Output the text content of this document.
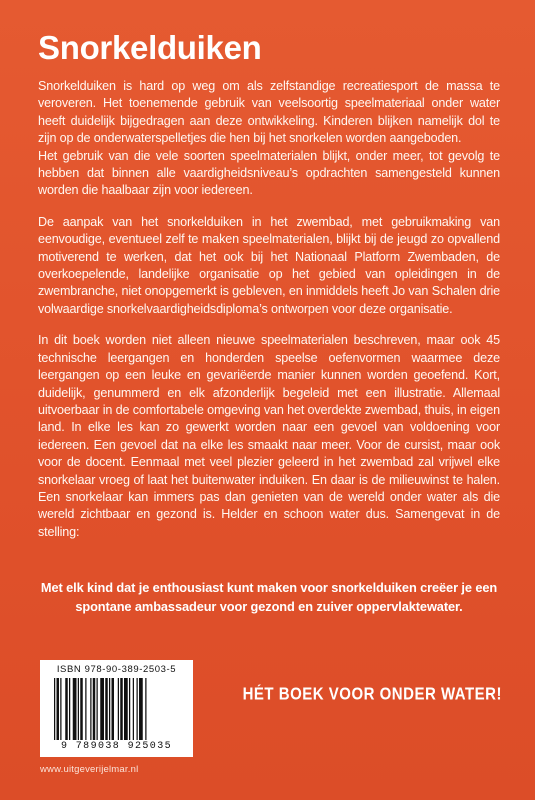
Snorkelduiken

Snorkelduiken is hard op weg om als zelfstandige recreatiesport de massa te veroveren. Het toenemende gebruik van veelsoortig speelmateriaal onder water heeft duidelijk bijgedragen aan deze ontwikkeling. Kinderen blijken namelijk dol te zijn op de onderwaterspelletjes die hen bij het snorkelen worden aangeboden.

Het gebruik van die vele soorten speelmaterialen blijkt, onder meer, tot gevolg te hebben dat binnen alle vaardigheidsniveau’s opdrachten samengesteld kunnen worden die haalbaar zijn voor iedereen.

De aanpak van het snorkelduiken in het zwembad, met gebruikmaking van eenvoudige, eventueel zelf te maken speelmaterialen, blijkt bij de jeugd zo opvallend motiverend te werken, dat het ook bij het Nationaal Platform Zwembaden, de overkoepelende, landelijke organisatie op het gebied van opleidingen in de zwembranche, niet onopgemerkt is gebleven, en inmiddels heeft Jo van Schalen drie volwaardige snorkelvaardigheidsdiploma’s ontworpen voor deze organisatie.

In dit boek worden niet alleen nieuwe speelmaterialen beschreven, maar ook 45 technische leergangen en honderden speelse oefenvormen waarmee deze leergangen op een leuke en gevariëerde manier kunnen worden geoefend. Kort, duidelijk, genummerd en elk afzonderlijk begeleid met een illustratie. Allemaal uitvoerbaar in de comfortabele omgeving van het overdekte zwembad, thuis, in eigen land. In elke les kan zo gewerkt worden naar een gevoel van voldoening voor iedereen. Een gevoel dat na elke les smaakt naar meer. Voor de cursist, maar ook voor de docent. Eenmaal met veel plezier geleerd in het zwembad zal vrijwel elke snorkelaar vroeg of laat het buitenwater induiken. En daar is de milieuwinst te halen. Een snorkelaar kan immers pas dan genieten van de wereld onder water als die wereld zichtbaar en gezond is. Helder en schoon water dus. Samengevat in de stelling:

Met elk kind dat je enthousiast kunt maken voor snorkelduiken creëer je een spontane ambassadeur voor gezond en zuiver oppervlaktewater.
ISBN 978-90-389-2503-5
9 789038 925035
HÉT BOEK VOOR ONDER WATER!
www.uitgeverijelmar.nl
